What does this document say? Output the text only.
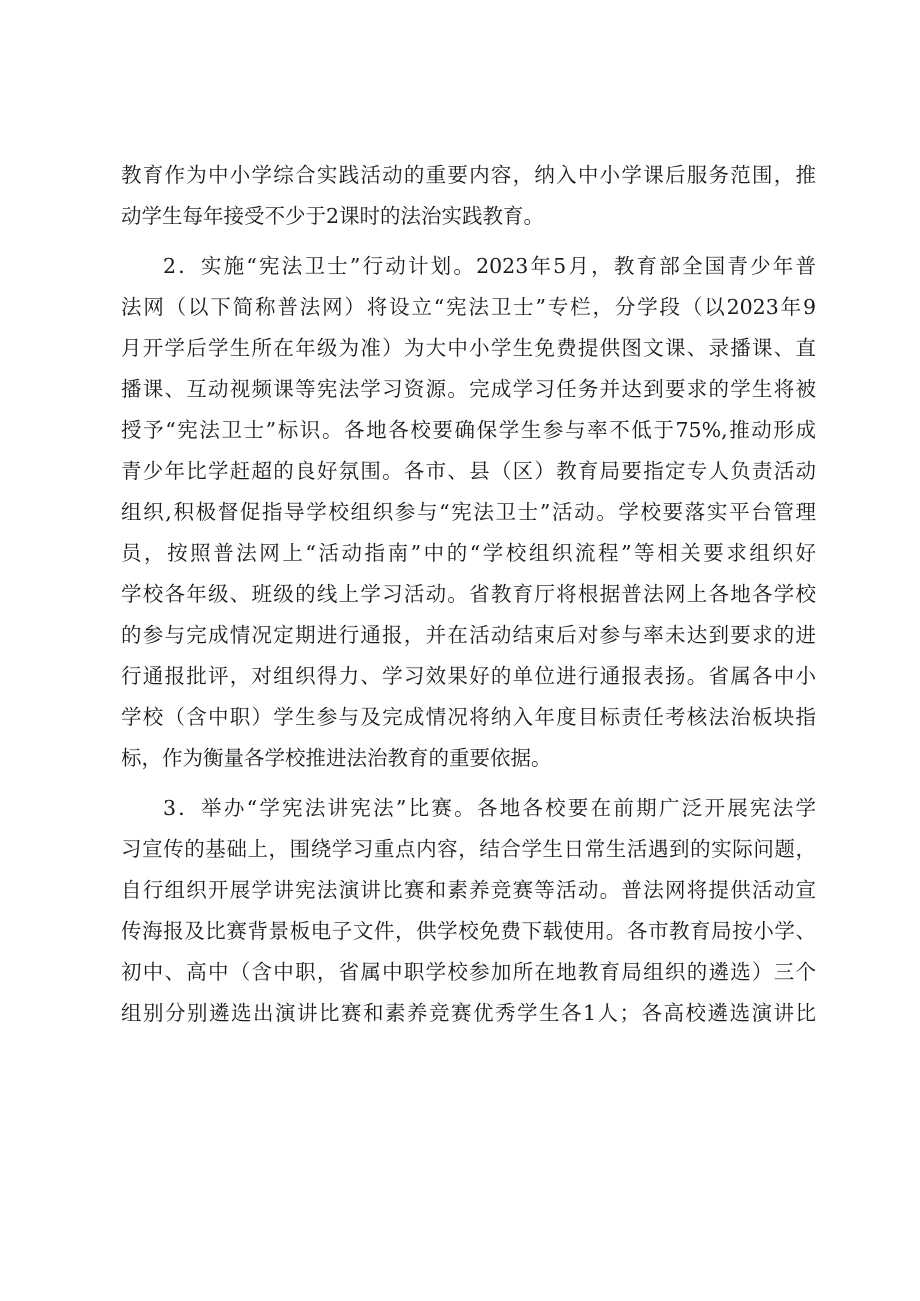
教育作为中小学综合实践活动的重要内容，纳入中小学课后服务范围，推
动学生每年接受不少于2课时的法治实践教育。
2．实施“宪法卫士”行动计划。2023年5月，教育部全国青少年普
法网（以下简称普法网）将设立“宪法卫士”专栏，分学段（以2023年9
月开学后学生所在年级为准）为大中小学生免费提供图文课、录播课、直
播课、互动视频课等宪法学习资源。完成学习任务并达到要求的学生将被
授予“宪法卫士”标识。各地各校要确保学生参与率不低于75%,推动形成
青少年比学赶超的良好氛围。各市、县（区）教育局要指定专人负责活动
组织,积极督促指导学校组织参与“宪法卫士”活动。学校要落实平台管理
员，按照普法网上“活动指南”中的“学校组织流程”等相关要求组织好
学校各年级、班级的线上学习活动。省教育厅将根据普法网上各地各学校
的参与完成情况定期进行通报，并在活动结束后对参与率未达到要求的进
行通报批评，对组织得力、学习效果好的单位进行通报表扬。省属各中小
学校（含中职）学生参与及完成情况将纳入年度目标责任考核法治板块指
标，作为衡量各学校推进法治教育的重要依据。
3．举办“学宪法讲宪法”比赛。各地各校要在前期广泛开展宪法学
习宣传的基础上，围绕学习重点内容，结合学生日常生活遇到的实际问题，
自行组织开展学讲宪法演讲比赛和素养竞赛等活动。普法网将提供活动宣
传海报及比赛背景板电子文件，供学校免费下载使用。各市教育局按小学、
初中、高中（含中职，省属中职学校参加所在地教育局组织的遴选）三个
组别分别遴选出演讲比赛和素养竞赛优秀学生各1人；各高校遴选演讲比
